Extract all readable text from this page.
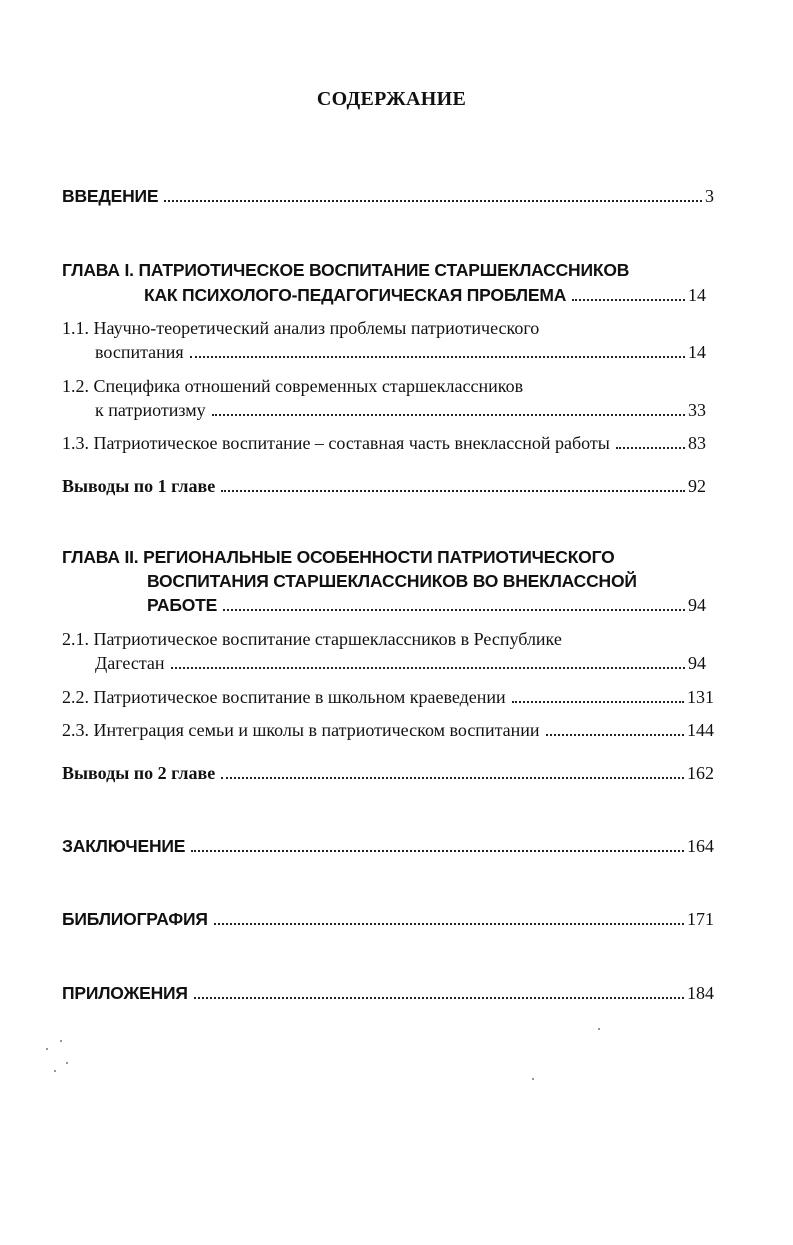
СОДЕРЖАНИЕ
ВВЕДЕНИЕ	3
ГЛАВА I. ПАТРИОТИЧЕСКОЕ ВОСПИТАНИЕ СТАРШЕКЛАССНИКОВ
КАК ПСИХОЛОГО-ПЕДАГОГИЧЕСКАЯ ПРОБЛЕМА	14
1.1. Научно-теоретический анализ проблемы патриотического
воспитания	14
1.2. Специфика отношений современных старшеклассников
к патриотизму	33
1.3. Патриотическое воспитание – составная часть внеклассной работы	83
Выводы по 1 главе	92
ГЛАВА II. РЕГИОНАЛЬНЫЕ ОСОБЕННОСТИ ПАТРИОТИЧЕСКОГО
ВОСПИТАНИЯ СТАРШЕКЛАССНИКОВ ВО ВНЕКЛАССНОЙ
РАБОТЕ	94
2.1. Патриотическое воспитание старшеклассников в Республике
Дагестан	94
2.2. Патриотическое воспитание в школьном краеведении	131
2.3. Интеграция семьи и школы в патриотическом воспитании	144
Выводы по 2 главе	162
ЗАКЛЮЧЕНИЕ	164
БИБЛИОГРАФИЯ	171
ПРИЛОЖЕНИЯ	184
